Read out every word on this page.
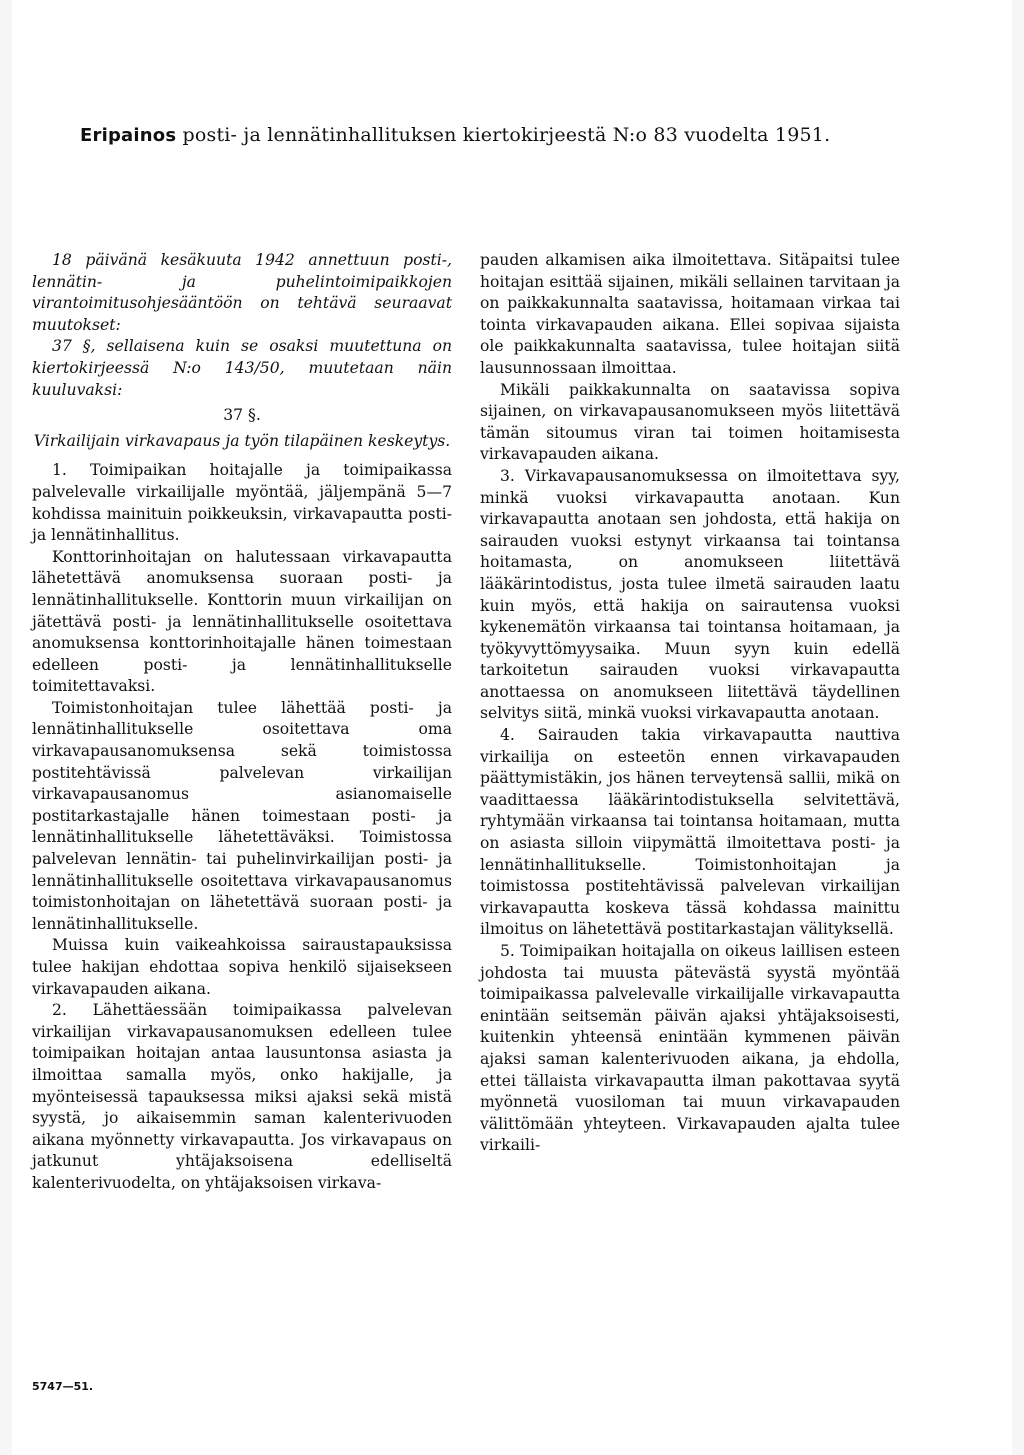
Eripainos posti- ja lennätinhallituksen kiertokirjeestä N:o 83 vuodelta 1951.

18 päivänä kesäkuuta 1942 annettuun posti-, lennätin- ja puhelintoimipaikkojen virantoimitusohjesääntöön on tehtävä seuraavat muutokset:

37 §, sellaisena kuin se osaksi muutettuna on kiertokirjeessä N:o 143/50, muutetaan näin kuuluvaksi:

37 §.

Virkailijain virkavapaus ja työn tilapäinen keskeytys.

1. Toimipaikan hoitajalle ja toimipaikassa palvelevalle virkailijalle myöntää, jäljempänä 5—7 kohdissa mainituin poikkeuksin, virkavapautta posti- ja lennätinhallitus.

Konttorinhoitajan on halutessaan virkavapautta lähetettävä anomuksensa suoraan posti- ja lennätinhallitukselle. Konttorin muun virkailijan on jätettävä posti- ja lennätinhallitukselle osoitettava anomuksensa konttorinhoitajalle hänen toimestaan edelleen posti- ja lennätinhallitukselle toimitettavaksi.

Toimistonhoitajan tulee lähettää posti- ja lennätinhallitukselle osoitettava oma virkavapausanomuksensa sekä toimistossa postitehtävissä palvelevan virkailijan virkavapausanomus asianomaiselle postitarkastajalle hänen toimestaan posti- ja lennätinhallitukselle lähetettäväksi. Toimistossa palvelevan lennätin- tai puhelinvirkailijan posti- ja lennätinhallitukselle osoitettava virkavapausanomus toimistonhoitajan on lähetettävä suoraan posti- ja lennätinhallitukselle.

Muissa kuin vaikeahkoissa sairaustapauksissa tulee hakijan ehdottaa sopiva henkilö sijaisekseen virkavapauden aikana.

2. Lähettäessään toimipaikassa palvelevan virkailijan virkavapausanomuksen edelleen tulee toimipaikan hoitajan antaa lausuntonsa asiasta ja ilmoittaa samalla myös, onko hakijalle, ja myönteisessä tapauksessa miksi ajaksi sekä mistä syystä, jo aikaisemmin saman kalenterivuoden aikana myönnetty virkavapautta. Jos virkavapaus on jatkunut yhtäjaksoisena edelliseltä kalenterivuodelta, on yhtäjaksoisen virkava-

pauden alkamisen aika ilmoitettava. Sitäpaitsi tulee hoitajan esittää sijainen, mikäli sellainen tarvitaan ja on paikkakunnalta saatavissa, hoitamaan virkaa tai tointa virkavapauden aikana. Ellei sopivaa sijaista ole paikkakunnalta saatavissa, tulee hoitajan siitä lausunnossaan ilmoittaa.

Mikäli paikkakunnalta on saatavissa sopiva sijainen, on virkavapausanomukseen myös liitettävä tämän sitoumus viran tai toimen hoitamisesta virkavapauden aikana.

3. Virkavapausanomuksessa on ilmoitettava syy, minkä vuoksi virkavapautta anotaan. Kun virkavapautta anotaan sen johdosta, että hakija on sairauden vuoksi estynyt virkaansa tai tointansa hoitamasta, on anomukseen liitettävä lääkärintodistus, josta tulee ilmetä sairauden laatu kuin myös, että hakija on sairautensa vuoksi kykenemätön virkaansa tai tointansa hoitamaan, ja työkyvyttömyysaika. Muun syyn kuin edellä tarkoitetun sairauden vuoksi virkavapautta anottaessa on anomukseen liitettävä täydellinen selvitys siitä, minkä vuoksi virkavapautta anotaan.

4. Sairauden takia virkavapautta nauttiva virkailija on esteetön ennen virkavapauden päättymistäkin, jos hänen terveytensä sallii, mikä on vaadittaessa lääkärintodistuksella selvitettävä, ryhtymään virkaansa tai tointansa hoitamaan, mutta on asiasta silloin viipymättä ilmoitettava posti- ja lennätinhallitukselle. Toimistonhoitajan ja toimistossa postitehtävissä palvelevan virkailijan virkavapautta koskeva tässä kohdassa mainittu ilmoitus on lähetettävä postitarkastajan välityksellä.

5. Toimipaikan hoitajalla on oikeus laillisen esteen johdosta tai muusta pätevästä syystä myöntää toimipaikassa palvelevalle virkailijalle virkavapautta enintään seitsemän päivän ajaksi yhtäjaksoisesti, kuitenkin yhteensä enintään kymmenen päivän ajaksi saman kalenterivuoden aikana, ja ehdolla, ettei tällaista virkavapautta ilman pakottavaa syytä myönnetä vuosiloman tai muun virkavapauden välittömään yhteyteen. Virkavapauden ajalta tulee virkaili-

5747—51.
